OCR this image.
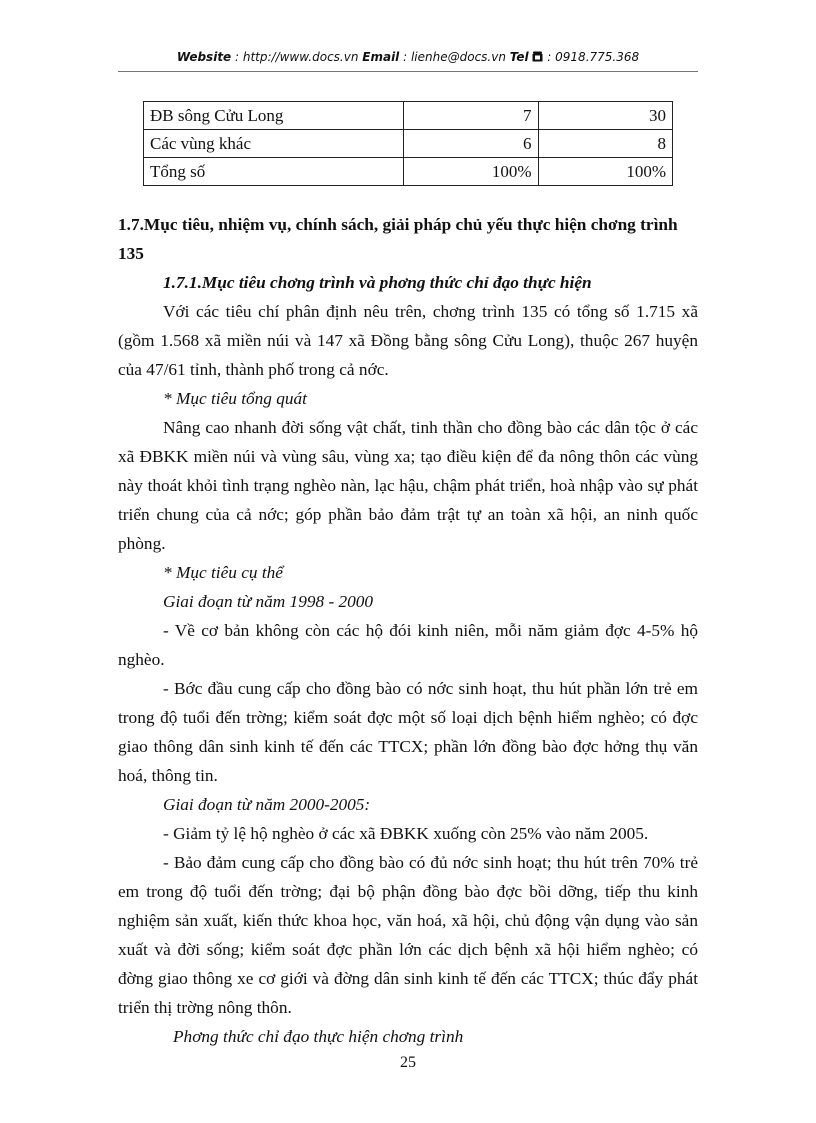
Website : http://www.docs.vn Email : lienhe@docs.vn Tel  : 0918.775.368
ĐB sông Cửu Long	7	30
Các vùng khác	6	8
Tổng số	100%	100%
1.7.Mục tiêu, nhiệm vụ, chính sách, giải pháp chủ yếu thực hiện chơng trình 135
1.7.1.Mục tiêu chơng trình và phơng thức chỉ đạo thực hiện
Với các tiêu chí phân định nêu trên, chơng trình 135 có tổng số 1.715 xã (gồm 1.568 xã miền núi và 147 xã Đồng bằng sông Cửu Long), thuộc 267 huyện của 47/61 tỉnh, thành phố trong cả nớc.
* Mục tiêu tổng quát
Nâng cao nhanh đời sống vật chất, tinh thần cho đồng bào các dân tộc ở các xã ĐBKK miền núi và vùng sâu, vùng xa; tạo điều kiện để đa nông thôn các vùng này thoát khỏi tình trạng nghèo nàn, lạc hậu, chậm phát triển, hoà nhập vào sự phát triển chung của cả nớc; góp phần bảo đảm trật tự an toàn xã hội, an ninh quốc phòng.
* Mục tiêu cụ thể
Giai đoạn từ năm 1998 - 2000
- Về cơ bản không còn các hộ đói kinh niên, mỗi năm giảm đợc 4-5% hộ nghèo.
- Bớc đầu cung cấp cho đồng bào có nớc sinh hoạt, thu hút phần lớn trẻ em trong độ tuổi đến trờng; kiểm soát đợc một số loại dịch bệnh hiểm nghèo; có đợc giao thông dân sinh kinh tế đến các TTCX; phần lớn đồng bào đợc hởng thụ văn hoá, thông tin.
Giai đoạn từ năm 2000-2005:
- Giảm tỷ lệ hộ nghèo ở các xã ĐBKK xuống còn 25% vào năm 2005.
- Bảo đảm cung cấp cho đồng bào có đủ nớc sinh hoạt; thu hút trên 70% trẻ em trong độ tuổi đến trờng; đại bộ phận đồng bào đợc bồi dỡng, tiếp thu kinh nghiệm sản xuất, kiến thức khoa học, văn hoá, xã hội, chủ động vận dụng vào sản xuất và đời sống; kiểm soát đợc phần lớn các dịch bệnh xã hội hiểm nghèo; có đờng giao thông xe cơ giới và đờng dân sinh kinh tế đến các TTCX; thúc đẩy phát triển thị trờng nông thôn.
Phơng thức chỉ đạo thực hiện chơng trình
25
